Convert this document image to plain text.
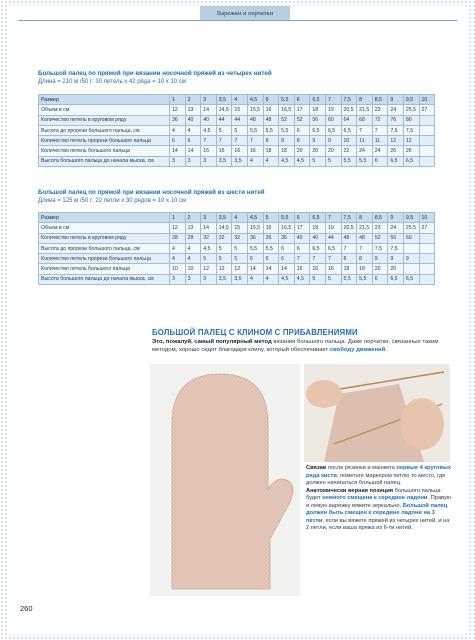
Варежки и перчатки
Большой палец по прямой при вязании носочной пряжей из четырех нитей
Длина = 210 м /50 г; 30 петель х 42 ряда = 10 х 10 см
Размер	1	2	3	3,5	4	4,5	5	5,5	6	6,5	7	7,5	8	8,5	9	9,5	10
Объем в см	12	13	14	14,5	15	15,5	16	16,5	17	18	19	20,5	21,5	23	24	25,5	27
Количество петель в круговом ряду	36	40	40	44	44	48	48	52	52	56	60	64	68	72	76	80	
Высота до прорези большого пальца, см	4	4	4,5	5	5	5,5	5,5	5,5	6	6,5	6,5	6,5	7	7	7,5	7,5	
Количество петель прорези большого пальца	6	6	7	7	7	7	8	8	8	9	9	10	11	11	12	12	
Количество петель большого пальца	14	14	16	16	16	16	18	18	20	20	20	22	24	24	26	26	
Высота большого пальца до начала мыска, см	3	3	3	3,5	3,5	4	4	4,5	4,5	5	5	5,5	5,5	6	6,5	6,5	
Большой палец по прямой при вязании носочной пряжей из шести нитей
Длина = 125 м /50 г; 22 петли х 30 рядов = 10 х 10 см
Размер	1	2	3	3,5	4	4,5	5	5,5	6	6,5	7	7,5	8	8,5	9	9,5	10
Объем в см	12	13	14	14,5	15	15,5	16	16,5	17	18	19	20,5	21,5	23	24	25,5	27
Количество петель в круговом ряду	28	28	32	32	32	36	36	36	40	40	44	48	48	52	56	60	
Высота до прорези большого пальца, см	4	4	4,5	5	5	5,5	5,5	6	6	6,5	6,5	7	7	7,5	7,5		
Количество петель прорези большого пальца	4	4	5	5	5	6	6	6	7	7	7	8	8	9	9	9	
Количество петель большого пальца	10	10	12	12	12	14	14	14	16	16	16	18	18	20	20		
Высота большого пальца до начала мыска, см	3	3	3	3,5	3,5	4	4	4,5	4,5	5	5	5,5	5,5	6	6,5	6,5	
БОЛЬШОЙ ПАЛЕЦ С КЛИНОМ С ПРИБАВЛЕНИЯМИ
Это, пожалуй, самый популярный метод вязания большого пальца. Даже перчатки, связанные таким методом, хорошо сидят благодаря клину, который обеспечивает свободу движений.
Связав после резинки и манжета первые 4 круговых ряда кисти, пометьте маркером петлю то место, где должен начинаться большой палец.
Анатомически верная позиция большого пальца будет немного смещена к середине ладони. Правую и левую варежку вяжите зеркально. Большой палец должен быть смещен к середине ладони на 3 петли, если вы вяжете пряжей из четырех нитей, и на 2 петли, если ваша пряжа из 6-ти нитей.
260
